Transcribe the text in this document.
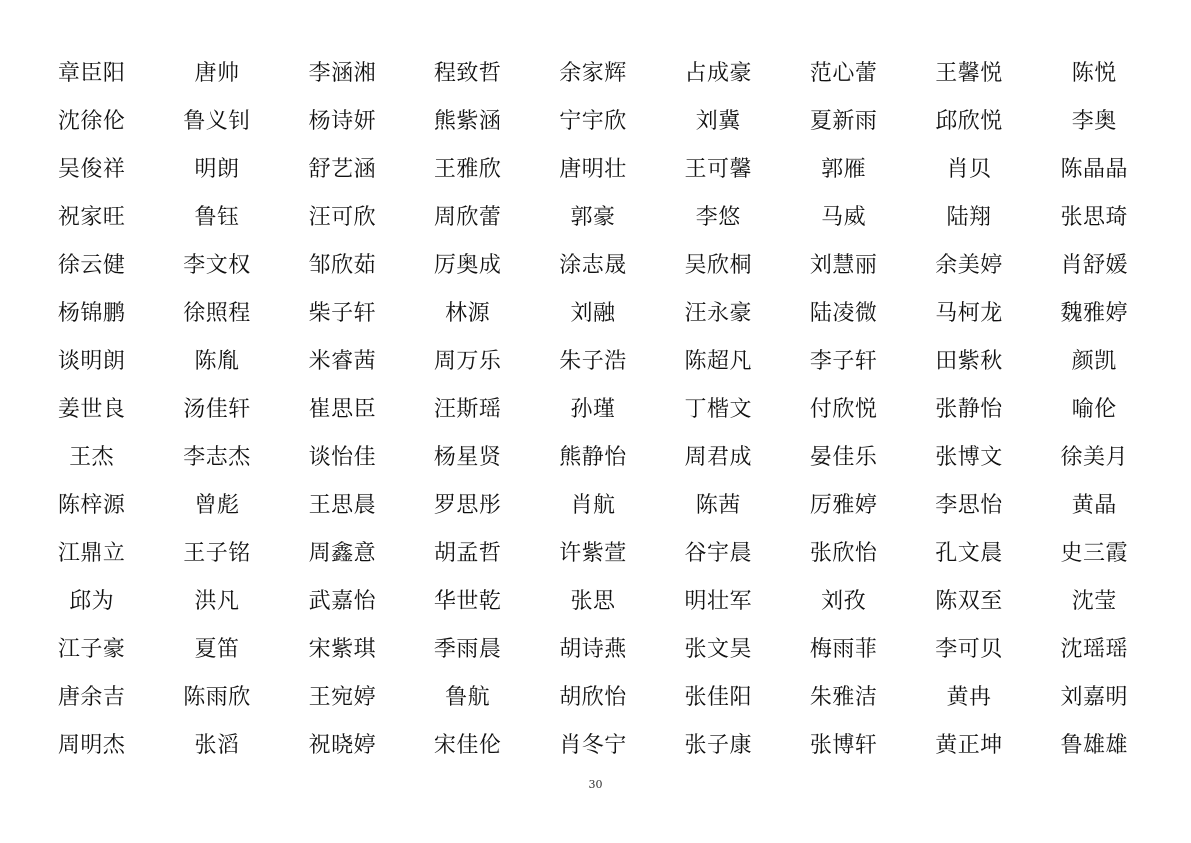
章臣阳	唐帅	李涵湘	程致哲	余家辉	占成豪	范心蕾	王馨悦	陈悦
沈徐伦	鲁义钊	杨诗妍	熊紫涵	宁宇欣	刘冀	夏新雨	邱欣悦	李奥
吴俊祥	明朗	舒艺涵	王雅欣	唐明壮	王可馨	郭雁	肖贝	陈晶晶
祝家旺	鲁钰	汪可欣	周欣蕾	郭豪	李悠	马威	陆翔	张思琦
徐云健	李文权	邹欣茹	厉奥成	涂志晟	吴欣桐	刘慧丽	余美婷	肖舒媛
杨锦鹏	徐照程	柴子轩	林源	刘融	汪永豪	陆凌微	马柯龙	魏雅婷
谈明朗	陈胤	米睿茜	周万乐	朱子浩	陈超凡	李子轩	田紫秋	颜凯
姜世良	汤佳轩	崔思臣	汪斯瑶	孙瑾	丁楷文	付欣悦	张静怡	喻伦
王杰	李志杰	谈怡佳	杨星贤	熊静怡	周君成	晏佳乐	张博文	徐美月
陈梓源	曾彪	王思晨	罗思彤	肖航	陈茜	厉雅婷	李思怡	黄晶
江鼎立	王子铭	周鑫意	胡孟哲	许紫萱	谷宇晨	张欣怡	孔文晨	史三霞
邱为	洪凡	武嘉怡	华世乾	张思	明壮军	刘孜	陈双至	沈莹
江子豪	夏笛	宋紫琪	季雨晨	胡诗燕	张文昊	梅雨菲	李可贝	沈瑶瑶
唐余吉	陈雨欣	王宛婷	鲁航	胡欣怡	张佳阳	朱雅洁	黄冉	刘嘉明
周明杰	张滔	祝晓婷	宋佳伦	肖冬宁	张子康	张博轩	黄正坤	鲁雄雄
30
